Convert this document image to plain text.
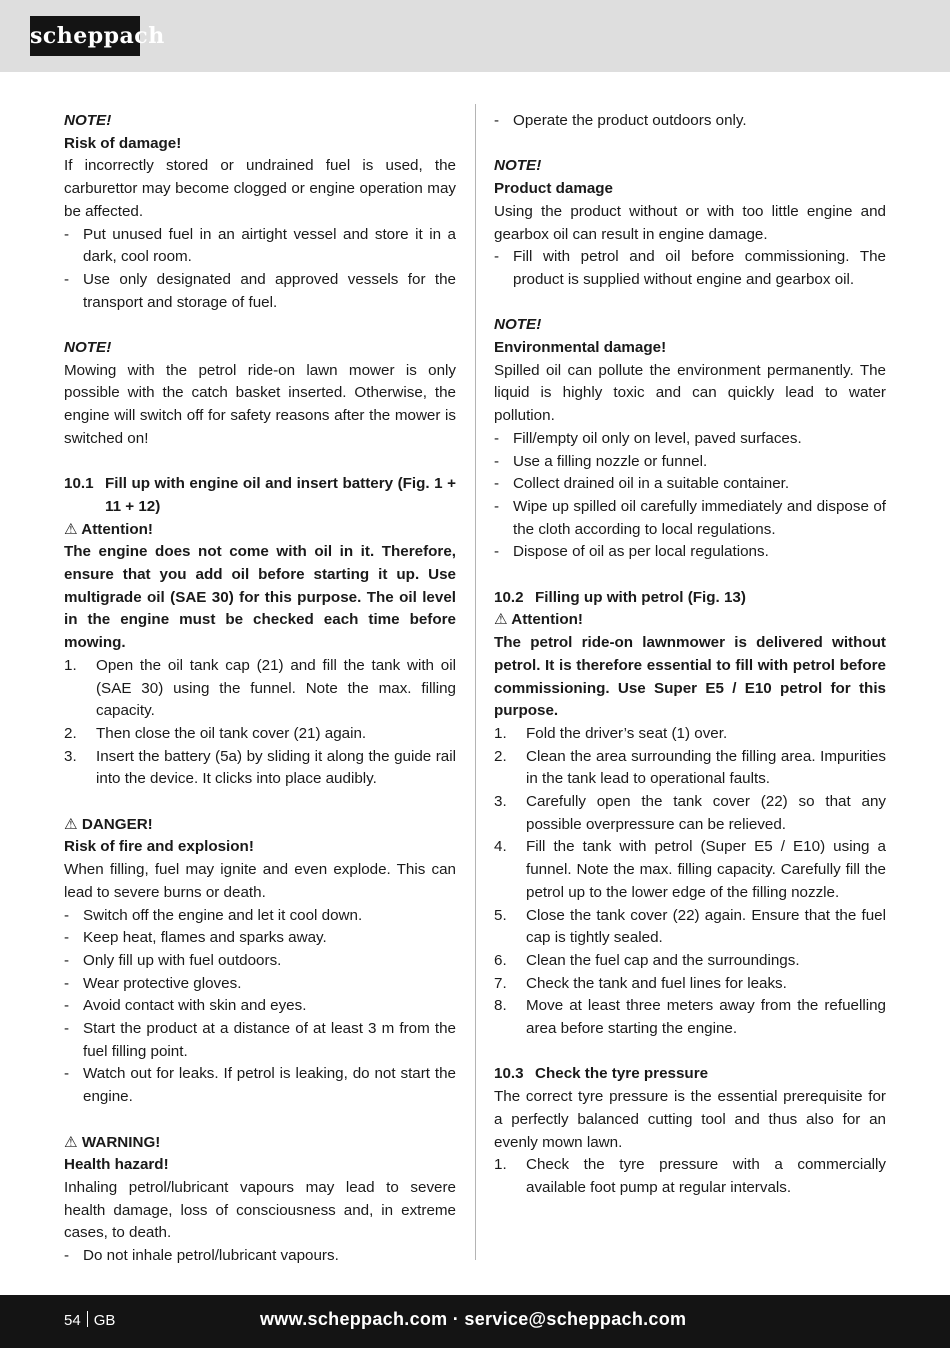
scheppach

NOTE!

Risk of damage!

If incorrectly stored or undrained fuel is used, the carburettor may become clogged or engine operation may be affected.

- Put unused fuel in an airtight vessel and store it in a dark, cool room.
- Use only designated and approved vessels for the transport and storage of fuel.

NOTE!

Mowing with the petrol ride-on lawn mower is only possible with the catch basket inserted. Otherwise, the engine will switch off for safety reasons after the mower is switched on!

10.1 Fill up with engine oil and insert battery (Fig. 1 + 11 + 12)

⚠ Attention!

The engine does not come with oil in it. Therefore, ensure that you add oil before starting it up. Use multigrade oil (SAE 30) for this purpose. The oil level in the engine must be checked each time before mowing.

1. Open the oil tank cap (21) and fill the tank with oil (SAE 30) using the funnel. Note the max. filling capacity.
2. Then close the oil tank cover (21) again.
3. Insert the battery (5a) by sliding it along the guide rail into the device. It clicks into place audibly.

⚠ DANGER!

Risk of fire and explosion!

When filling, fuel may ignite and even explode. This can lead to severe burns or death.

- Switch off the engine and let it cool down.
- Keep heat, flames and sparks away.
- Only fill up with fuel outdoors.
- Wear protective gloves.
- Avoid contact with skin and eyes.
- Start the product at a distance of at least 3 m from the fuel filling point.
- Watch out for leaks. If petrol is leaking, do not start the engine.

⚠ WARNING!

Health hazard!

Inhaling petrol/lubricant vapours may lead to severe health damage, loss of consciousness and, in extreme cases, to death.

- Do not inhale petrol/lubricant vapours.
- Operate the product outdoors only.

NOTE!

Product damage

Using the product without or with too little engine and gearbox oil can result in engine damage.

- Fill with petrol and oil before commissioning. The product is supplied without engine and gearbox oil.

NOTE!

Environmental damage!

Spilled oil can pollute the environment permanently. The liquid is highly toxic and can quickly lead to water pollution.

- Fill/empty oil only on level, paved surfaces.
- Use a filling nozzle or funnel.
- Collect drained oil in a suitable container.
- Wipe up spilled oil carefully immediately and dispose of the cloth according to local regulations.
- Dispose of oil as per local regulations.
10.2 Filling up with petrol (Fig. 13)

⚠ Attention!

The petrol ride-on lawnmower is delivered without petrol. It is therefore essential to fill with petrol before commissioning. Use Super E5 / E10 petrol for this purpose.

1. Fold the driver’s seat (1) over.
2. Clean the area surrounding the filling area. Impurities in the tank lead to operational faults.
3. Carefully open the tank cover (22) so that any possible overpressure can be relieved.
4. Fill the tank with petrol (Super E5 / E10) using a funnel. Note the max. filling capacity. Carefully fill the petrol up to the lower edge of the filling nozzle.
5. Close the tank cover (22) again. Ensure that the fuel cap is tightly sealed.
6. Clean the fuel cap and the surroundings.
7. Check the tank and fuel lines for leaks.
8. Move at least three meters away from the refuelling area before starting the engine.
10.3 Check the tyre pressure

The correct tyre pressure is the essential prerequisite for a perfectly balanced cutting tool and thus also for an evenly mown lawn.

1. Check the tyre pressure with a commercially available foot pump at regular intervals.
54 GB	www.scheppach.com · service@scheppach.com
